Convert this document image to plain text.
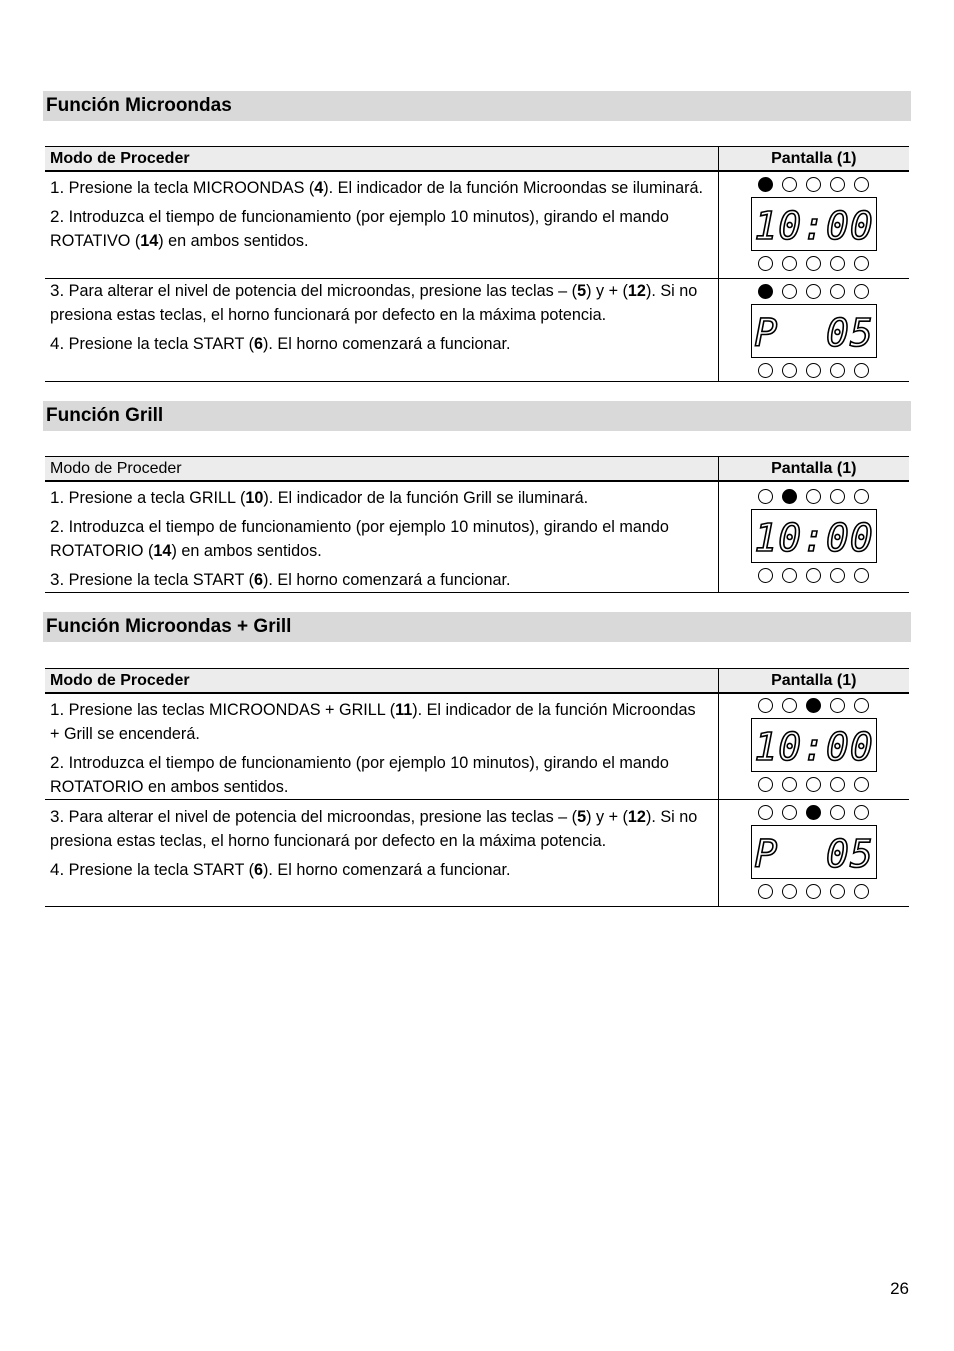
Función Microondas
Modo de Proceder	Pantalla (1)

1. Presione la tecla MICROONDAS (4). El indicador de la función Microondas se iluminará.
2. Introduzca el tiempo de funcionamiento (por ejemplo 10 minutos), girando el mando ROTATIVO (14) en ambos sentidos.	10:00

3. Para alterar el nivel de potencia del microondas, presione las teclas – (5) y + (12). Si no presiona estas teclas, el horno funcionará por defecto en la máxima potencia.
4. Presione la tecla START (6). El horno comenzará a funcionar.	P  05
Función Grill
Modo de Proceder	Pantalla (1)

1. Presione a tecla GRILL (10). El indicador de la función Grill se iluminará.
2. Introduzca el tiempo de funcionamiento (por ejemplo 10 minutos), girando el mando ROTATORIO (14) en ambos sentidos.
3. Presione la tecla START (6). El horno comenzará a funcionar.	10:00
Función Microondas + Grill
Modo de Proceder	Pantalla (1)

1. Presione las teclas MICROONDAS + GRILL (11). El indicador de la función Microondas + Grill se encenderá.
2. Introduzca el tiempo de funcionamiento (por ejemplo 10 minutos), girando el mando ROTATORIO en ambos sentidos.	10:00

3. Para alterar el nivel de potencia del microondas, presione las teclas – (5) y + (12). Si no presiona estas teclas, el horno funcionará por defecto en la máxima potencia.
4. Presione la tecla START (6). El horno comenzará a funcionar.	P  05
26
